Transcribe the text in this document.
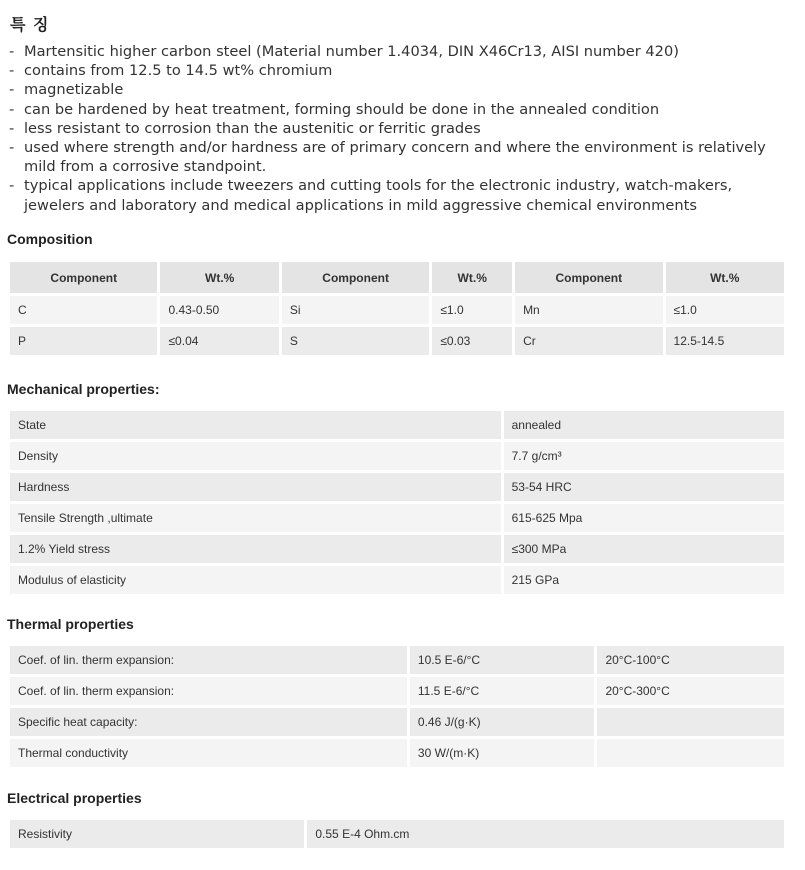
특 징
- Martensitic higher carbon steel (Material number 1.4034, DIN X46Cr13, AISI number 420)
- contains from 12.5 to 14.5 wt% chromium
- magnetizable
- can be hardened by heat treatment, forming should be done in the annealed condition
- less resistant to corrosion than the austenitic or ferritic grades
- used where strength and/or hardness are of primary concern and where the environment is relatively mild from a corrosive standpoint.
- typical applications include tweezers and cutting tools for the electronic industry, watch-makers, jewelers and laboratory and medical applications in mild aggressive chemical environments
Composition
Component	Wt.%	Component	Wt.%	Component	Wt.%
C	0.43-0.50	Si	≤1.0	Mn	≤1.0
P	≤0.04	S	≤0.03	Cr	12.5-14.5
Mechanical properties:
State	annealed
Density	7.7 g/cm³
Hardness	53-54 HRC
Tensile Strength ,ultimate	615-625 Mpa
1.2% Yield stress	≤300 MPa
Modulus of elasticity	215 GPa
Thermal properties
Coef. of lin. therm expansion:	10.5 E-6/°C	20°C-100°C
Coef. of lin. therm expansion:	11.5 E-6/°C	20°C-300°C
Specific heat capacity:	0.46 J/(g·K)	
Thermal conductivity	30 W/(m·K)	
Electrical properties
Resistivity	0.55 E-4 Ohm.cm
